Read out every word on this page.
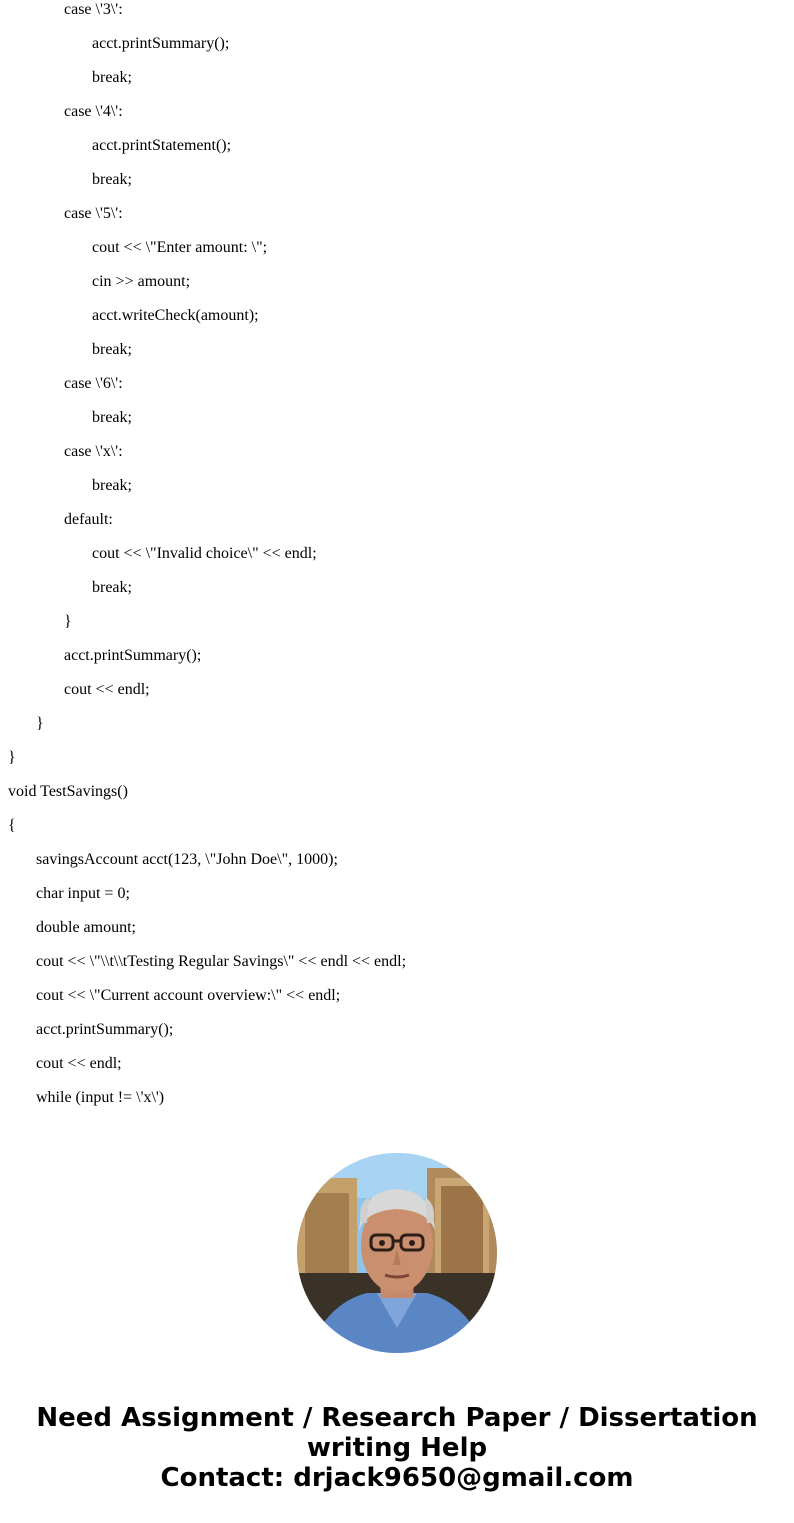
case \'3\':
acct.printSummary();
break;
case \'4\':
acct.printStatement();
break;
case \'5\':
cout << \"Enter amount: \";
cin >> amount;
acct.writeCheck(amount);
break;
case \'6\':
break;
case \'x\':
break;
default:
cout << \"Invalid choice\" << endl;
break;
}
acct.printSummary();
cout << endl;
}
}
void TestSavings()
{
savingsAccount acct(123, \"John Doe\", 1000);
char input = 0;
double amount;
cout << \"\\t\\tTesting Regular Savings\" << endl << endl;
cout << \"Current account overview:\" << endl;
acct.printSummary();
cout << endl;
while (input != \'x\')
Need Assignment / Research Paper / Dissertation
writing Help
Contact: drjack9650@gmail.com
